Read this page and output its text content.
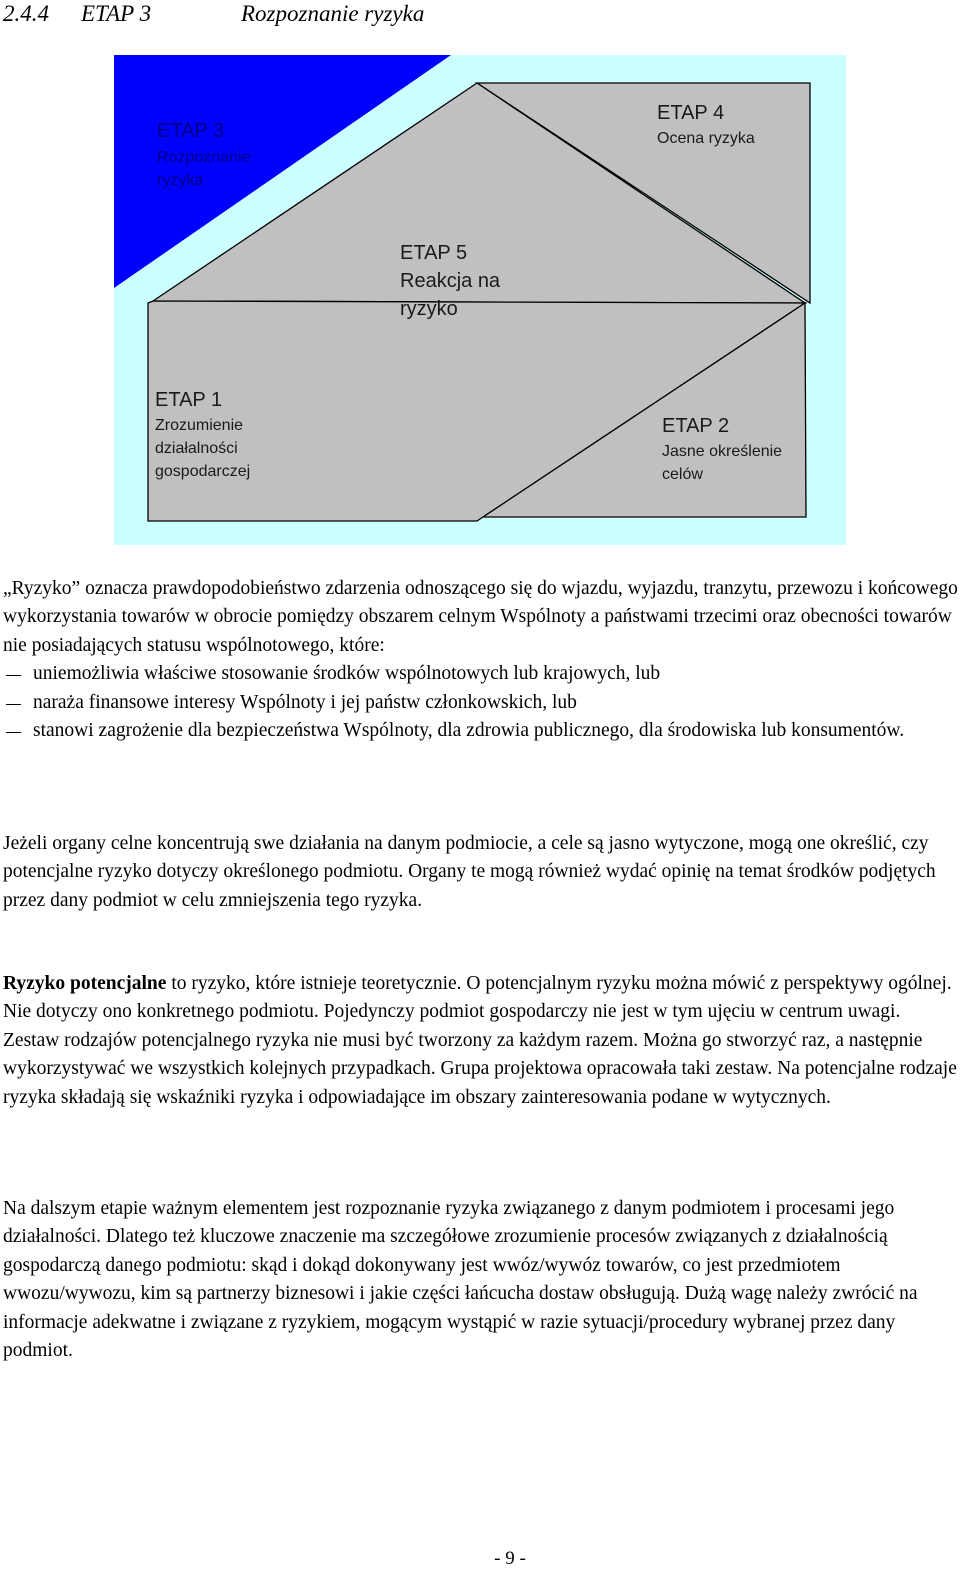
2.4.4 ETAP 3	Rozpoznanie ryzyka
ETAP 3 Rozpoznanie ryzyka
ETAP 4 Ocena ryzyka
ETAP 5 Reakcja na ryzyko
ETAP 1 Zrozumienie działalności gospodarczej
ETAP 2 Jasne określenie celów
„Ryzyko” oznacza prawdopodobieństwo zdarzenia odnoszącego się do wjazdu, wyjazdu, tranzytu, przewozu i końcowego wykorzystania towarów w obrocie pomiędzy obszarem celnym Wspólnoty a państwami trzecimi oraz obecności towarów nie posiadających statusu wspólnotowego, które:
uniemożliwia właściwe stosowanie środków wspólnotowych lub krajowych, lub
naraża finansowe interesy Wspólnoty i jej państw członkowskich, lub
stanowi zagrożenie dla bezpieczeństwa Wspólnoty, dla zdrowia publicznego, dla środowiska lub konsumentów.

Jeżeli organy celne koncentrują swe działania na danym podmiocie, a cele są jasno wytyczone, mogą one określić, czy potencjalne ryzyko dotyczy określonego podmiotu. Organy te mogą również wydać opinię na temat środków podjętych przez dany podmiot w celu zmniejszenia tego ryzyka.

Ryzyko potencjalne to ryzyko, które istnieje teoretycznie. O potencjalnym ryzyku można mówić z perspektywy ogólnej. Nie dotyczy ono konkretnego podmiotu. Pojedynczy podmiot gospodarczy nie jest w tym ujęciu w centrum uwagi. Zestaw rodzajów potencjalnego ryzyka nie musi być tworzony za każdym razem. Można go stworzyć raz, a następnie wykorzystywać we wszystkich kolejnych przypadkach. Grupa projektowa opracowała taki zestaw. Na potencjalne rodzaje ryzyka składają się wskaźniki ryzyka i odpowiadające im obszary zainteresowania podane w wytycznych.

Na dalszym etapie ważnym elementem jest rozpoznanie ryzyka związanego z danym podmiotem i procesami jego działalności. Dlatego też kluczowe znaczenie ma szczegółowe zrozumienie procesów związanych z działalnością gospodarczą danego podmiotu: skąd i dokąd dokonywany jest wwóz/wywóz towarów, co jest przedmiotem wwozu/wywozu, kim są partnerzy biznesowi i jakie części łańcucha dostaw obsługują. Dużą wagę należy zwrócić na informacje adekwatne i związane z ryzykiem, mogącym wystąpić w razie sytuacji/procedury wybranej przez dany podmiot.

- 9 -
